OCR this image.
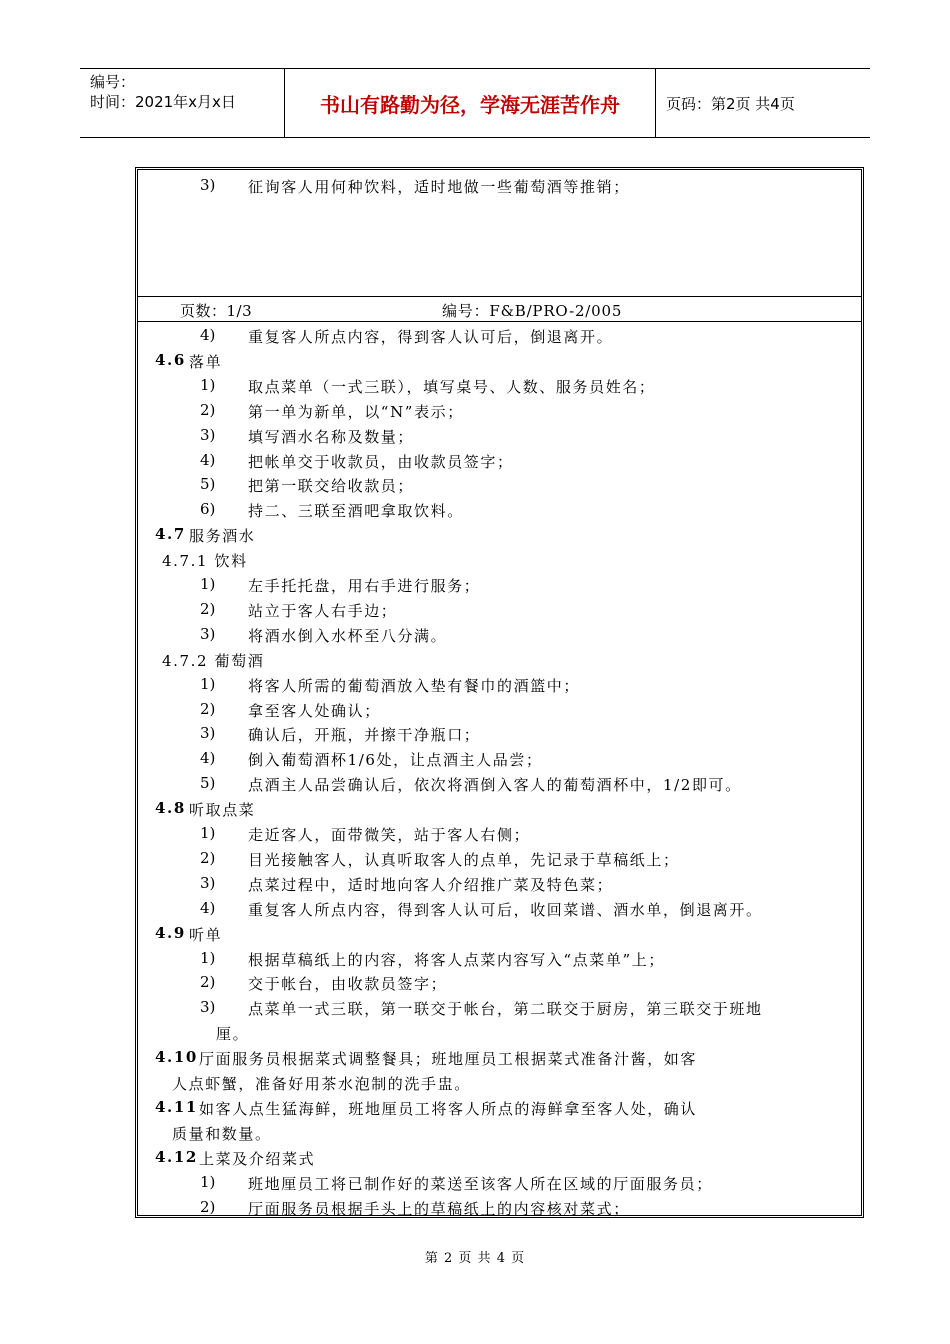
编号：
时间：2021年x月x日	书山有路勤为径，学海无涯苦作舟	页码：第2页 共4页
3) 征询客人用何种饮料，适时地做一些葡萄酒等推销；
页数：1/3	编号：F&B/PRO-2/005
4) 重复客人所点内容，得到客人认可后，倒退离开。
4.6 落单
1) 取点菜单（一式三联），填写桌号、人数、服务员姓名；
2) 第一单为新单，以“N”表示；
3) 填写酒水名称及数量；
4) 把帐单交于收款员，由收款员签字；
5) 把第一联交给收款员；
6) 持二、三联至酒吧拿取饮料。
4.7 服务酒水
4.7.1 饮料
1) 左手托托盘，用右手进行服务；
2) 站立于客人右手边；
3) 将酒水倒入水杯至八分满。
4.7.2 葡萄酒
1) 将客人所需的葡萄酒放入垫有餐巾的酒篮中；
2) 拿至客人处确认；
3) 确认后，开瓶，并擦干净瓶口；
4) 倒入葡萄酒杯1/6处，让点酒主人品尝；
5) 点酒主人品尝确认后，依次将酒倒入客人的葡萄酒杯中，1/2即可。
4.8 听取点菜
1) 走近客人，面带微笑，站于客人右侧；
2) 目光接触客人，认真听取客人的点单，先记录于草稿纸上；
3) 点菜过程中，适时地向客人介绍推广菜及特色菜；
4) 重复客人所点内容，得到客人认可后，收回菜谱、酒水单，倒退离开。
4.9 听单
1) 根据草稿纸上的内容，将客人点菜内容写入“点菜单”上；
2) 交于帐台，由收款员签字；
3) 点菜单一式三联，第一联交于帐台，第二联交于厨房，第三联交于班地
厘。
4.10 厅面服务员根据菜式调整餐具；班地厘员工根据菜式准备汁酱，如客
人点虾蟹，准备好用茶水泡制的洗手盅。
4.11 如客人点生猛海鲜，班地厘员工将客人所点的海鲜拿至客人处，确认
质量和数量。
4.12 上菜及介绍菜式
1) 班地厘员工将已制作好的菜送至该客人所在区域的厅面服务员；
2) 厅面服务员根据手头上的草稿纸上的内容核对菜式；
第 2 页 共 4 页
